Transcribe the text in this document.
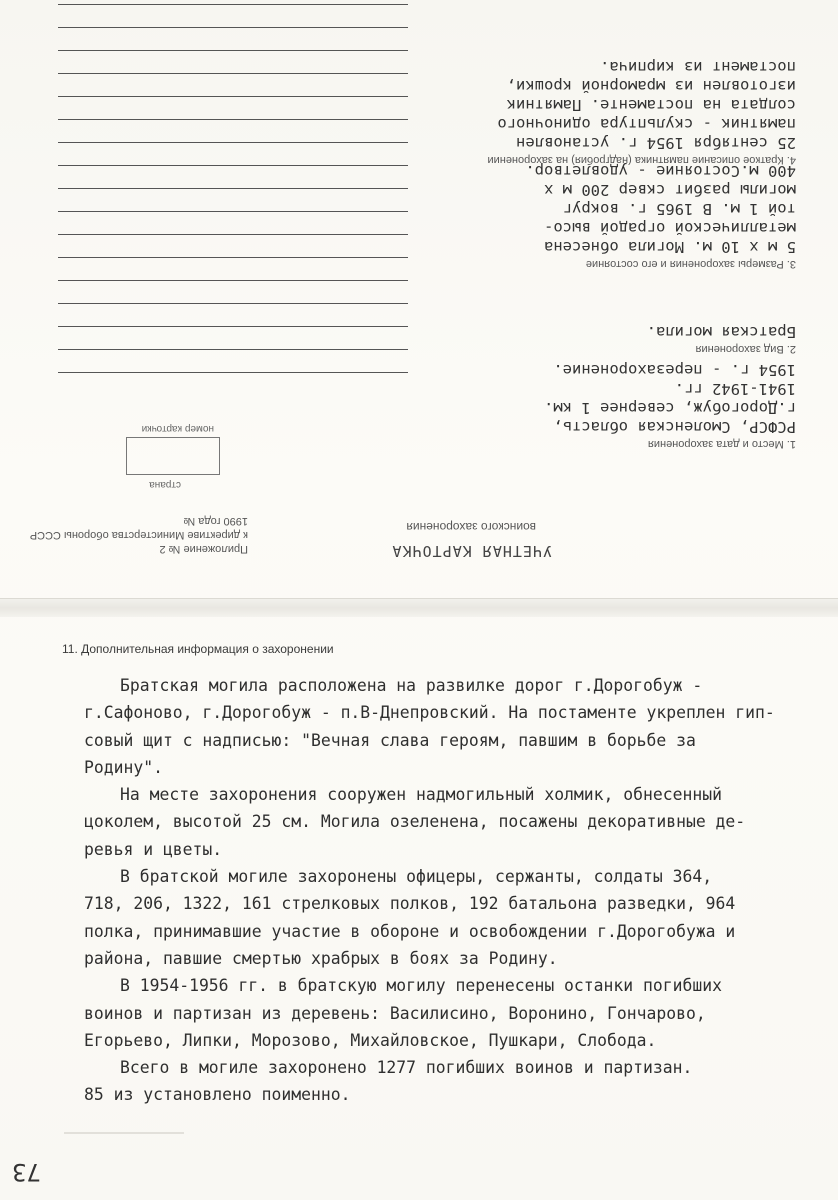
УЧЕТНАЯ КАРТОЧКА
воинского захоронения
Приложение № 2
к директиве Министерства обороны СССР
1990 года №
страна
номер карточки
1. Место и дата захоронения
РСФСР, Смоленская область,
г.Дорогобуж, севернее 1 км.
1941-1942 гг.
1954 г. - перезахоронение.
2. Вид захоронения
Братская могила.
3. Размеры захоронения и его состояние
5 м х 10 м. Могила обнесена
металлической оградой высо-
той 1 м. В 1965 г. вокруг
могилы разбит сквер 200 м х
400 м.Состояние - удовлетвор.
4. Краткое описание памятника (надгробия) на захоронении
25 сентября 1954 г. установлен
памятник - скульптура одиночного
солдата на постаменте. Памятник
изготовлен из мраморной крошки,
постамент из кирпича.
11. Дополнительная информация о захоронении
Братская могила расположена на развилке дорог г.Дорогобуж -
г.Сафоново, г.Дорогобуж - п.В-Днепровский. На постаменте укреплен гип-
совый щит с надписью: "Вечная слава героям, павшим в борьбе за
Родину".
На месте захоронения сооружен надмогильный холмик, обнесенный
цоколем, высотой 25 см. Могила озеленена, посажены декоративные де-
ревья и цветы.
В братской могиле захоронены офицеры, сержанты, солдаты 364,
718, 206, 1322, 161 стрелковых полков, 192 батальона разведки, 964
полка, принимавшие участие в обороне и освобождении г.Дорогобужа и
района, павшие смертью храбрых в боях за Родину.
В 1954-1956 гг. в братскую могилу перенесены останки погибших
воинов и партизан из деревень: Василисино, Воронино, Гончарово,
Егорьево, Липки, Морозово, Михайловское, Пушкари, Слобода.
Всего в могиле захоронено 1277 погибших воинов и партизан.
85 из установлено поименно.
73
